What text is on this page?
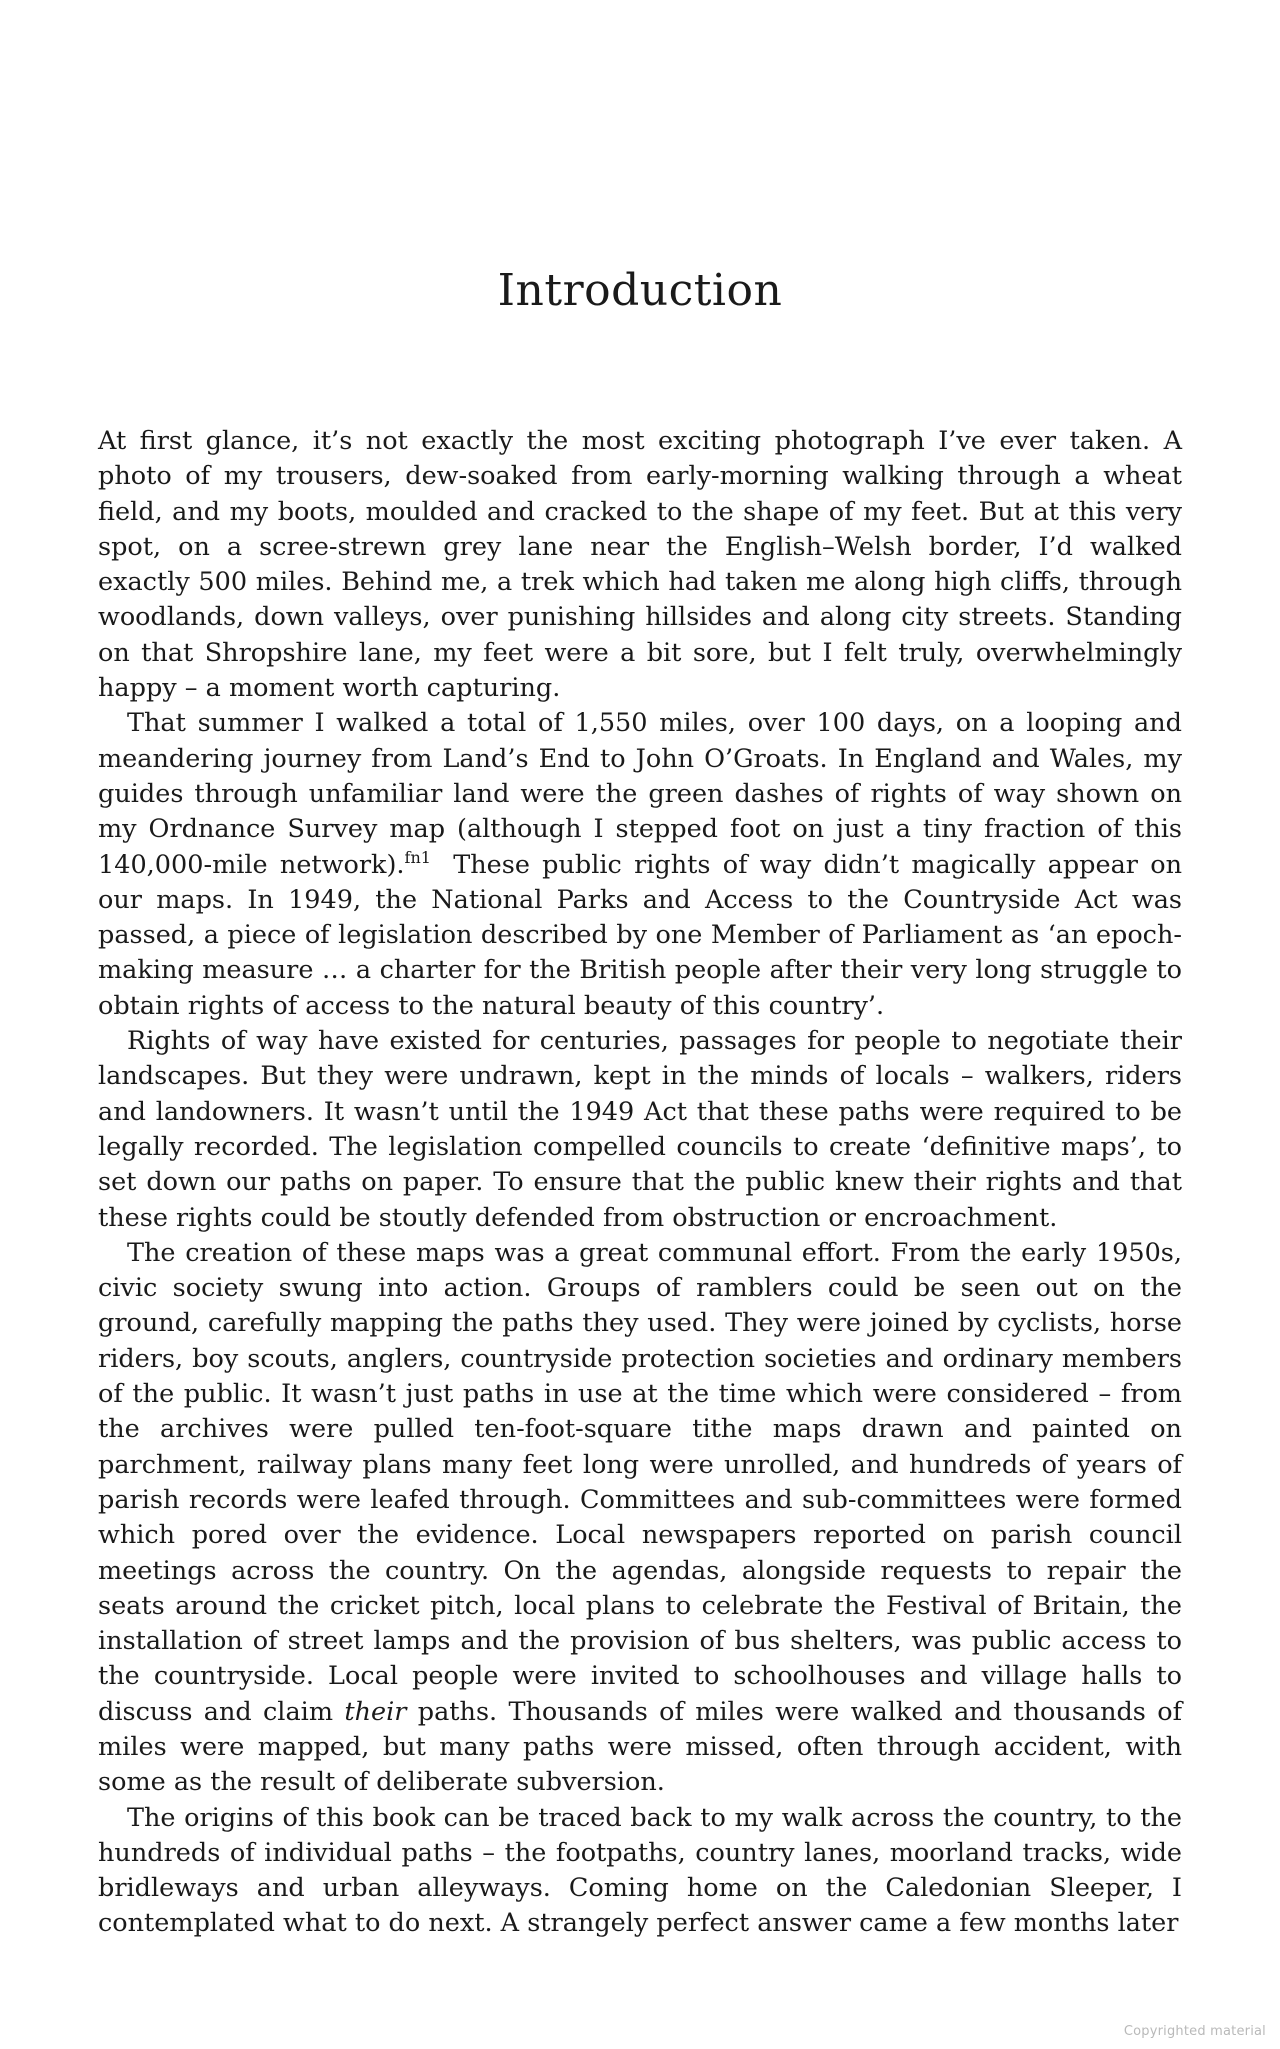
Introduction

At first glance, it’s not exactly the most exciting photograph I’ve ever taken. A photo of my trousers, dew-soaked from early-morning walking through a wheat field, and my boots, moulded and cracked to the shape of my feet. But at this very spot, on a scree-strewn grey lane near the English–Welsh border, I’d walked exactly 500 miles. Behind me, a trek which had taken me along high cliffs, through woodlands, down valleys, over punishing hillsides and along city streets. Standing on that Shropshire lane, my feet were a bit sore, but I felt truly, overwhelmingly happy – a moment worth capturing.

That summer I walked a total of 1,550 miles, over 100 days, on a looping and meandering journey from Land’s End to John O’Groats. In England and Wales, my guides through unfamiliar land were the green dashes of rights of way shown on my Ordnance Survey map (although I stepped foot on just a tiny fraction of this 140,000-mile network).$^{fn1}$ These public rights of way didn’t magically appear on our maps. In 1949, the National Parks and Access to the Countryside Act was passed, a piece of legislation described by one Member of Parliament as ‘an epoch-making measure … a charter for the British people after their very long struggle to obtain rights of access to the natural beauty of this country’.

Rights of way have existed for centuries, passages for people to negotiate their landscapes. But they were undrawn, kept in the minds of locals – walkers, riders and landowners. It wasn’t until the 1949 Act that these paths were required to be legally recorded. The legislation compelled councils to create ‘definitive maps’, to set down our paths on paper. To ensure that the public knew their rights and that these rights could be stoutly defended from obstruction or encroachment.

The creation of these maps was a great communal effort. From the early 1950s, civic society swung into action. Groups of ramblers could be seen out on the ground, carefully mapping the paths they used. They were joined by cyclists, horse riders, boy scouts, anglers, countryside protection societies and ordinary members of the public. It wasn’t just paths in use at the time which were considered – from the archives were pulled ten-foot-square tithe maps drawn and painted on parchment, railway plans many feet long were unrolled, and hundreds of years of parish records were leafed through. Committees and sub-committees were formed which pored over the evidence. Local newspapers reported on parish council meetings across the country. On the agendas, alongside requests to repair the seats around the cricket pitch, local plans to celebrate the Festival of Britain, the installation of street lamps and the provision of bus shelters, was public access to the countryside. Local people were invited to schoolhouses and village halls to discuss and claim their paths. Thousands of miles were walked and thousands of miles were mapped, but many paths were missed, often through accident, with some as the result of deliberate subversion.

The origins of this book can be traced back to my walk across the country, to the hundreds of individual paths – the footpaths, country lanes, moorland tracks, wide bridleways and urban alleyways. Coming home on the Caledonian Sleeper, I contemplated what to do next. A strangely perfect answer came a few months later

Copyrighted material
